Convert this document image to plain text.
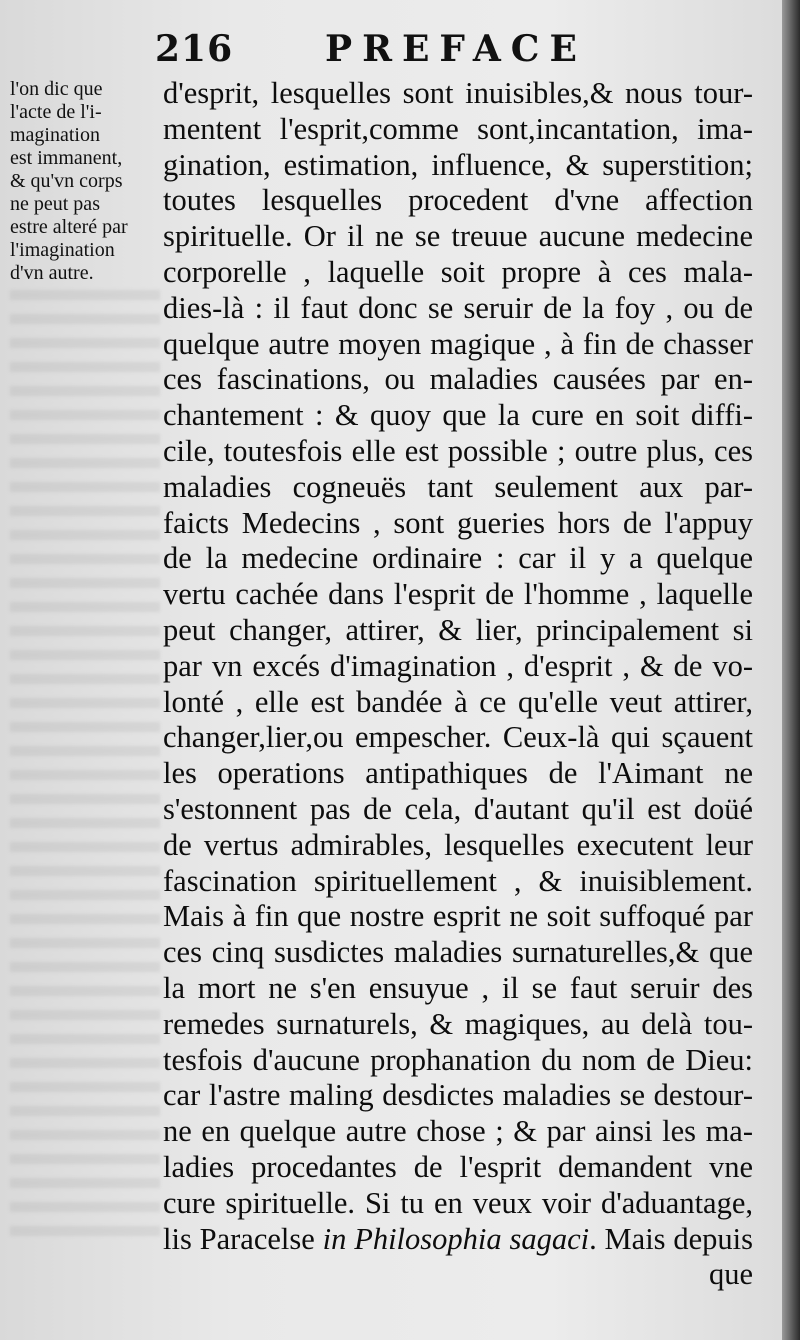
216	PREFACE
l'on dic que
l'acte de l'i-
magination
est immanent,
& qu'vn corps
ne peut pas
estre alteré par
l'imagination
d'vn autre.
d'esprit, lesquelles sont inuisibles,& nous tour-
mentent l'esprit,comme sont,incantation, ima-
gination, estimation, influence, & superstition;
toutes lesquelles procedent d'vne affection
spirituelle. Or il ne se treuue aucune medecine
corporelle , laquelle soit propre à ces mala-
dies-là : il faut donc se seruir de la foy , ou de
quelque autre moyen magique , à fin de chasser
ces fascinations, ou maladies causées par en-
chantement : & quoy que la cure en soit diffi-
cile, toutesfois elle est possible ; outre plus, ces
maladies cogneuës tant seulement aux par-
faicts Medecins , sont gueries hors de l'appuy
de la medecine ordinaire : car il y a quelque
vertu cachée dans l'esprit de l'homme , laquelle
peut changer, attirer, & lier, principalement si
par vn excés d'imagination , d'esprit , & de vo-
lonté , elle est bandée à ce qu'elle veut attirer,
changer,lier,ou empescher. Ceux-là qui sçauent
les operations antipathiques de l'Aimant ne
s'estonnent pas de cela, d'autant qu'il est doüé
de vertus admirables, lesquelles executent leur
fascination spirituellement , & inuisiblement.
Mais à fin que nostre esprit ne soit suffoqué par
ces cinq susdictes maladies surnaturelles,& que
la mort ne s'en ensuyue , il se faut seruir des
remedes surnaturels, & magiques, au delà tou-
tesfois d'aucune prophanation du nom de Dieu:
car l'astre maling desdictes maladies se destour-
ne en quelque autre chose ; & par ainsi les ma-
ladies procedantes de l'esprit demandent vne
cure spirituelle. Si tu en veux voir d'aduantage,
lis Paracelse in Philosophia sagaci. Mais depuis
que
